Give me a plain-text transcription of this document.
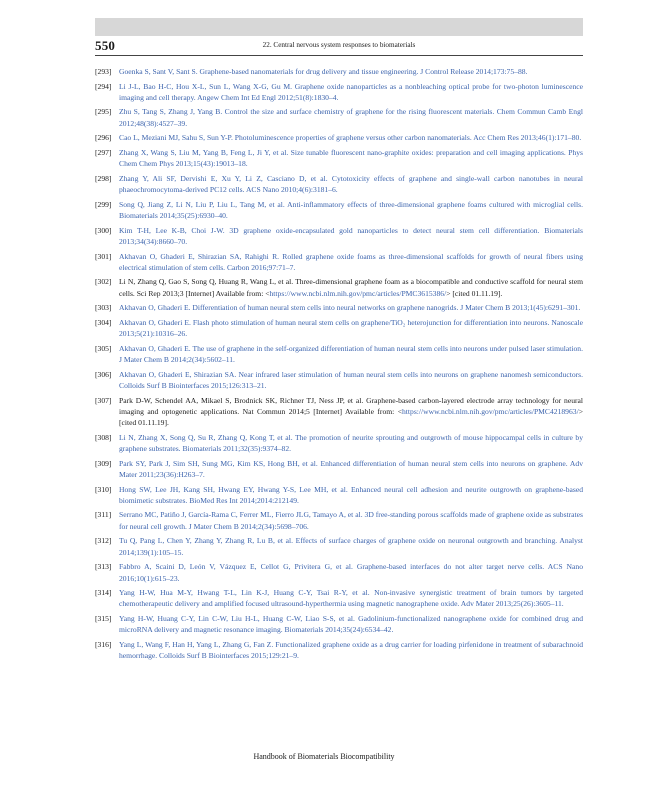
550	22. Central nervous system responses to biomaterials
[293] Goenka S, Sant V, Sant S. Graphene-based nanomaterials for drug delivery and tissue engineering. J Control Release 2014;173:75–88.
[294] Li J-L, Bao H-C, Hou X-L, Sun L, Wang X-G, Gu M. Graphene oxide nanoparticles as a nonbleaching optical probe for two-photon luminescence imaging and cell therapy. Angew Chem Int Ed Engl 2012;51(8):1830–4.
[295] Zhu S, Tang S, Zhang J, Yang B. Control the size and surface chemistry of graphene for the rising fluorescent materials. Chem Commun Camb Engl 2012;48(38):4527–39.
[296] Cao L, Meziani MJ, Sahu S, Sun Y-P. Photoluminescence properties of graphene versus other carbon nanomaterials. Acc Chem Res 2013;46(1):171–80.
[297] Zhang X, Wang S, Liu M, Yang B, Feng L, Ji Y, et al. Size tunable fluorescent nano-graphite oxides: preparation and cell imaging applications. Phys Chem Chem Phys 2013;15(43):19013–18.
[298] Zhang Y, Ali SF, Dervishi E, Xu Y, Li Z, Casciano D, et al. Cytotoxicity effects of graphene and single-wall carbon nanotubes in neural phaeochromocytoma-derived PC12 cells. ACS Nano 2010;4(6):3181–6.
[299] Song Q, Jiang Z, Li N, Liu P, Liu L, Tang M, et al. Anti-inflammatory effects of three-dimensional graphene foams cultured with microglial cells. Biomaterials 2014;35(25):6930–40.
[300] Kim T-H, Lee K-B, Choi J-W. 3D graphene oxide-encapsulated gold nanoparticles to detect neural stem cell differentiation. Biomaterials 2013;34(34):8660–70.
[301] Akhavan O, Ghaderi E, Shirazian SA, Rahighi R. Rolled graphene oxide foams as three-dimensional scaffolds for growth of neural fibers using electrical stimulation of stem cells. Carbon 2016;97:71–7.
[302] Li N, Zhang Q, Gao S, Song Q, Huang R, Wang L, et al. Three-dimensional graphene foam as a biocompatible and conductive scaffold for neural stem cells. Sci Rep 2013;3 [Internet] Available from: <https://www.ncbi.nlm.nih.gov/pmc/articles/PMC3615386/> [cited 01.11.19].
[303] Akhavan O, Ghaderi E. Differentiation of human neural stem cells into neural networks on graphene nanogrids. J Mater Chem B 2013;1(45):6291–301.
[304] Akhavan O, Ghaderi E. Flash photo stimulation of human neural stem cells on graphene/TiO₂ heterojunction for differentiation into neurons. Nanoscale 2013;5(21):10316–26.
[305] Akhavan O, Ghaderi E. The use of graphene in the self-organized differentiation of human neural stem cells into neurons under pulsed laser stimulation. J Mater Chem B 2014;2(34):5602–11.
[306] Akhavan O, Ghaderi E, Shirazian SA. Near infrared laser stimulation of human neural stem cells into neurons on graphene nanomesh semiconductors. Colloids Surf B Biointerfaces 2015;126:313–21.
[307] Park D-W, Schendel AA, Mikael S, Brodnick SK, Richner TJ, Ness JP, et al. Graphene-based carbon-layered electrode array technology for neural imaging and optogenetic applications. Nat Commun 2014;5 [Internet] Available from: <https://www.ncbi.nlm.nih.gov/pmc/articles/PMC4218963/> [cited 01.11.19].
[308] Li N, Zhang X, Song Q, Su R, Zhang Q, Kong T, et al. The promotion of neurite sprouting and outgrowth of mouse hippocampal cells in culture by graphene substrates. Biomaterials 2011;32(35):9374–82.
[309] Park SY, Park J, Sim SH, Sung MG, Kim KS, Hong BH, et al. Enhanced differentiation of human neural stem cells into neurons on graphene. Adv Mater 2011;23(36):H263–7.
[310] Hong SW, Lee JH, Kang SH, Hwang EY, Hwang Y-S, Lee MH, et al. Enhanced neural cell adhesion and neurite outgrowth on graphene-based biomimetic substrates. BioMed Res Int 2014;2014:212149.
[311] Serrano MC, Patiño J, García-Rama C, Ferrer ML, Fierro JLG, Tamayo A, et al. 3D free-standing porous scaffolds made of graphene oxide as substrates for neural cell growth. J Mater Chem B 2014;2(34):5698–706.
[312] Tu Q, Pang L, Chen Y, Zhang Y, Zhang R, Lu B, et al. Effects of surface charges of graphene oxide on neuronal outgrowth and branching. Analyst 2014;139(1):105–15.
[313] Fabbro A, Scaini D, León V, Vázquez E, Cellot G, Privitera G, et al. Graphene-based interfaces do not alter target nerve cells. ACS Nano 2016;10(1):615–23.
[314] Yang H-W, Hua M-Y, Hwang T-L, Lin K-J, Huang C-Y, Tsai R-Y, et al. Non-invasive synergistic treatment of brain tumors by targeted chemotherapeutic delivery and amplified focused ultrasound-hyperthermia using magnetic nanographene oxide. Adv Mater 2013;25(26):3605–11.
[315] Yang H-W, Huang C-Y, Lin C-W, Liu H-L, Huang C-W, Liao S-S, et al. Gadolinium-functionalized nanographene oxide for combined drug and microRNA delivery and magnetic resonance imaging. Biomaterials 2014;35(24):6534–42.
[316] Yang L, Wang F, Han H, Yang L, Zhang G, Fan Z. Functionalized graphene oxide as a drug carrier for loading pirfenidone in treatment of subarachnoid hemorrhage. Colloids Surf B Biointerfaces 2015;129:21–9.
Handbook of Biomaterials Biocompatibility
